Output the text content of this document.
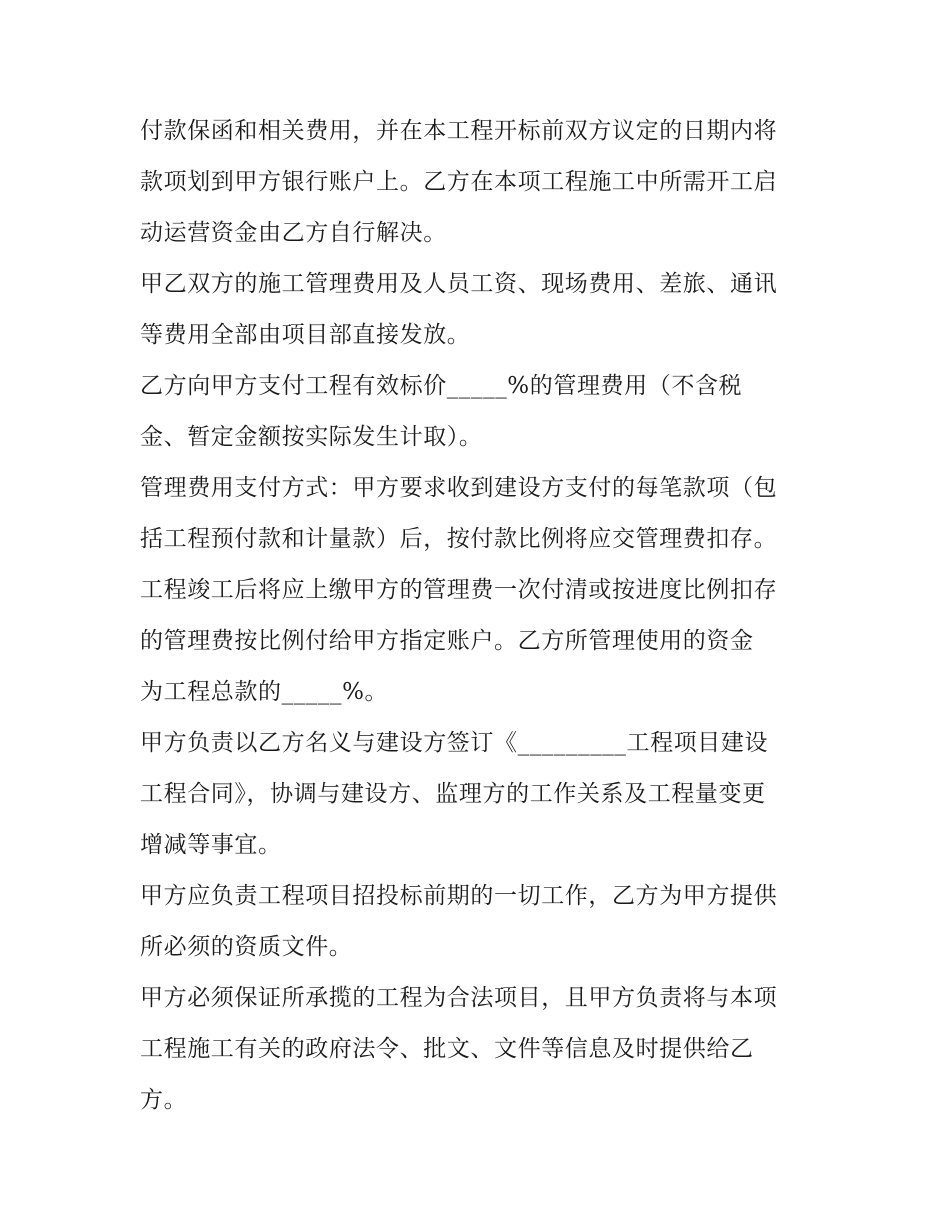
付款保函和相关费用，并在本工程开标前双方议定的日期内将
款项划到甲方银行账户上。乙方在本项工程施工中所需开工启
动运营资金由乙方自行解决。
甲乙双方的施工管理费用及人员工资、现场费用、差旅、通讯
等费用全部由项目部直接发放。
乙方向甲方支付工程有效标价_____%的管理费用（不含税
金、暂定金额按实际发生计取）。
管理费用支付方式：甲方要求收到建设方支付的每笔款项（包
括工程预付款和计量款）后，按付款比例将应交管理费扣存。
工程竣工后将应上缴甲方的管理费一次付清或按进度比例扣存
的管理费按比例付给甲方指定账户。乙方所管理使用的资金
为工程总款的_____%。
甲方负责以乙方名义与建设方签订《_________工程项目建设
工程合同》，协调与建设方、监理方的工作关系及工程量变更
增减等事宜。
甲方应负责工程项目招投标前期的一切工作，乙方为甲方提供
所必须的资质文件。
甲方必须保证所承揽的工程为合法项目，且甲方负责将与本项
工程施工有关的政府法令、批文、文件等信息及时提供给乙
方。
